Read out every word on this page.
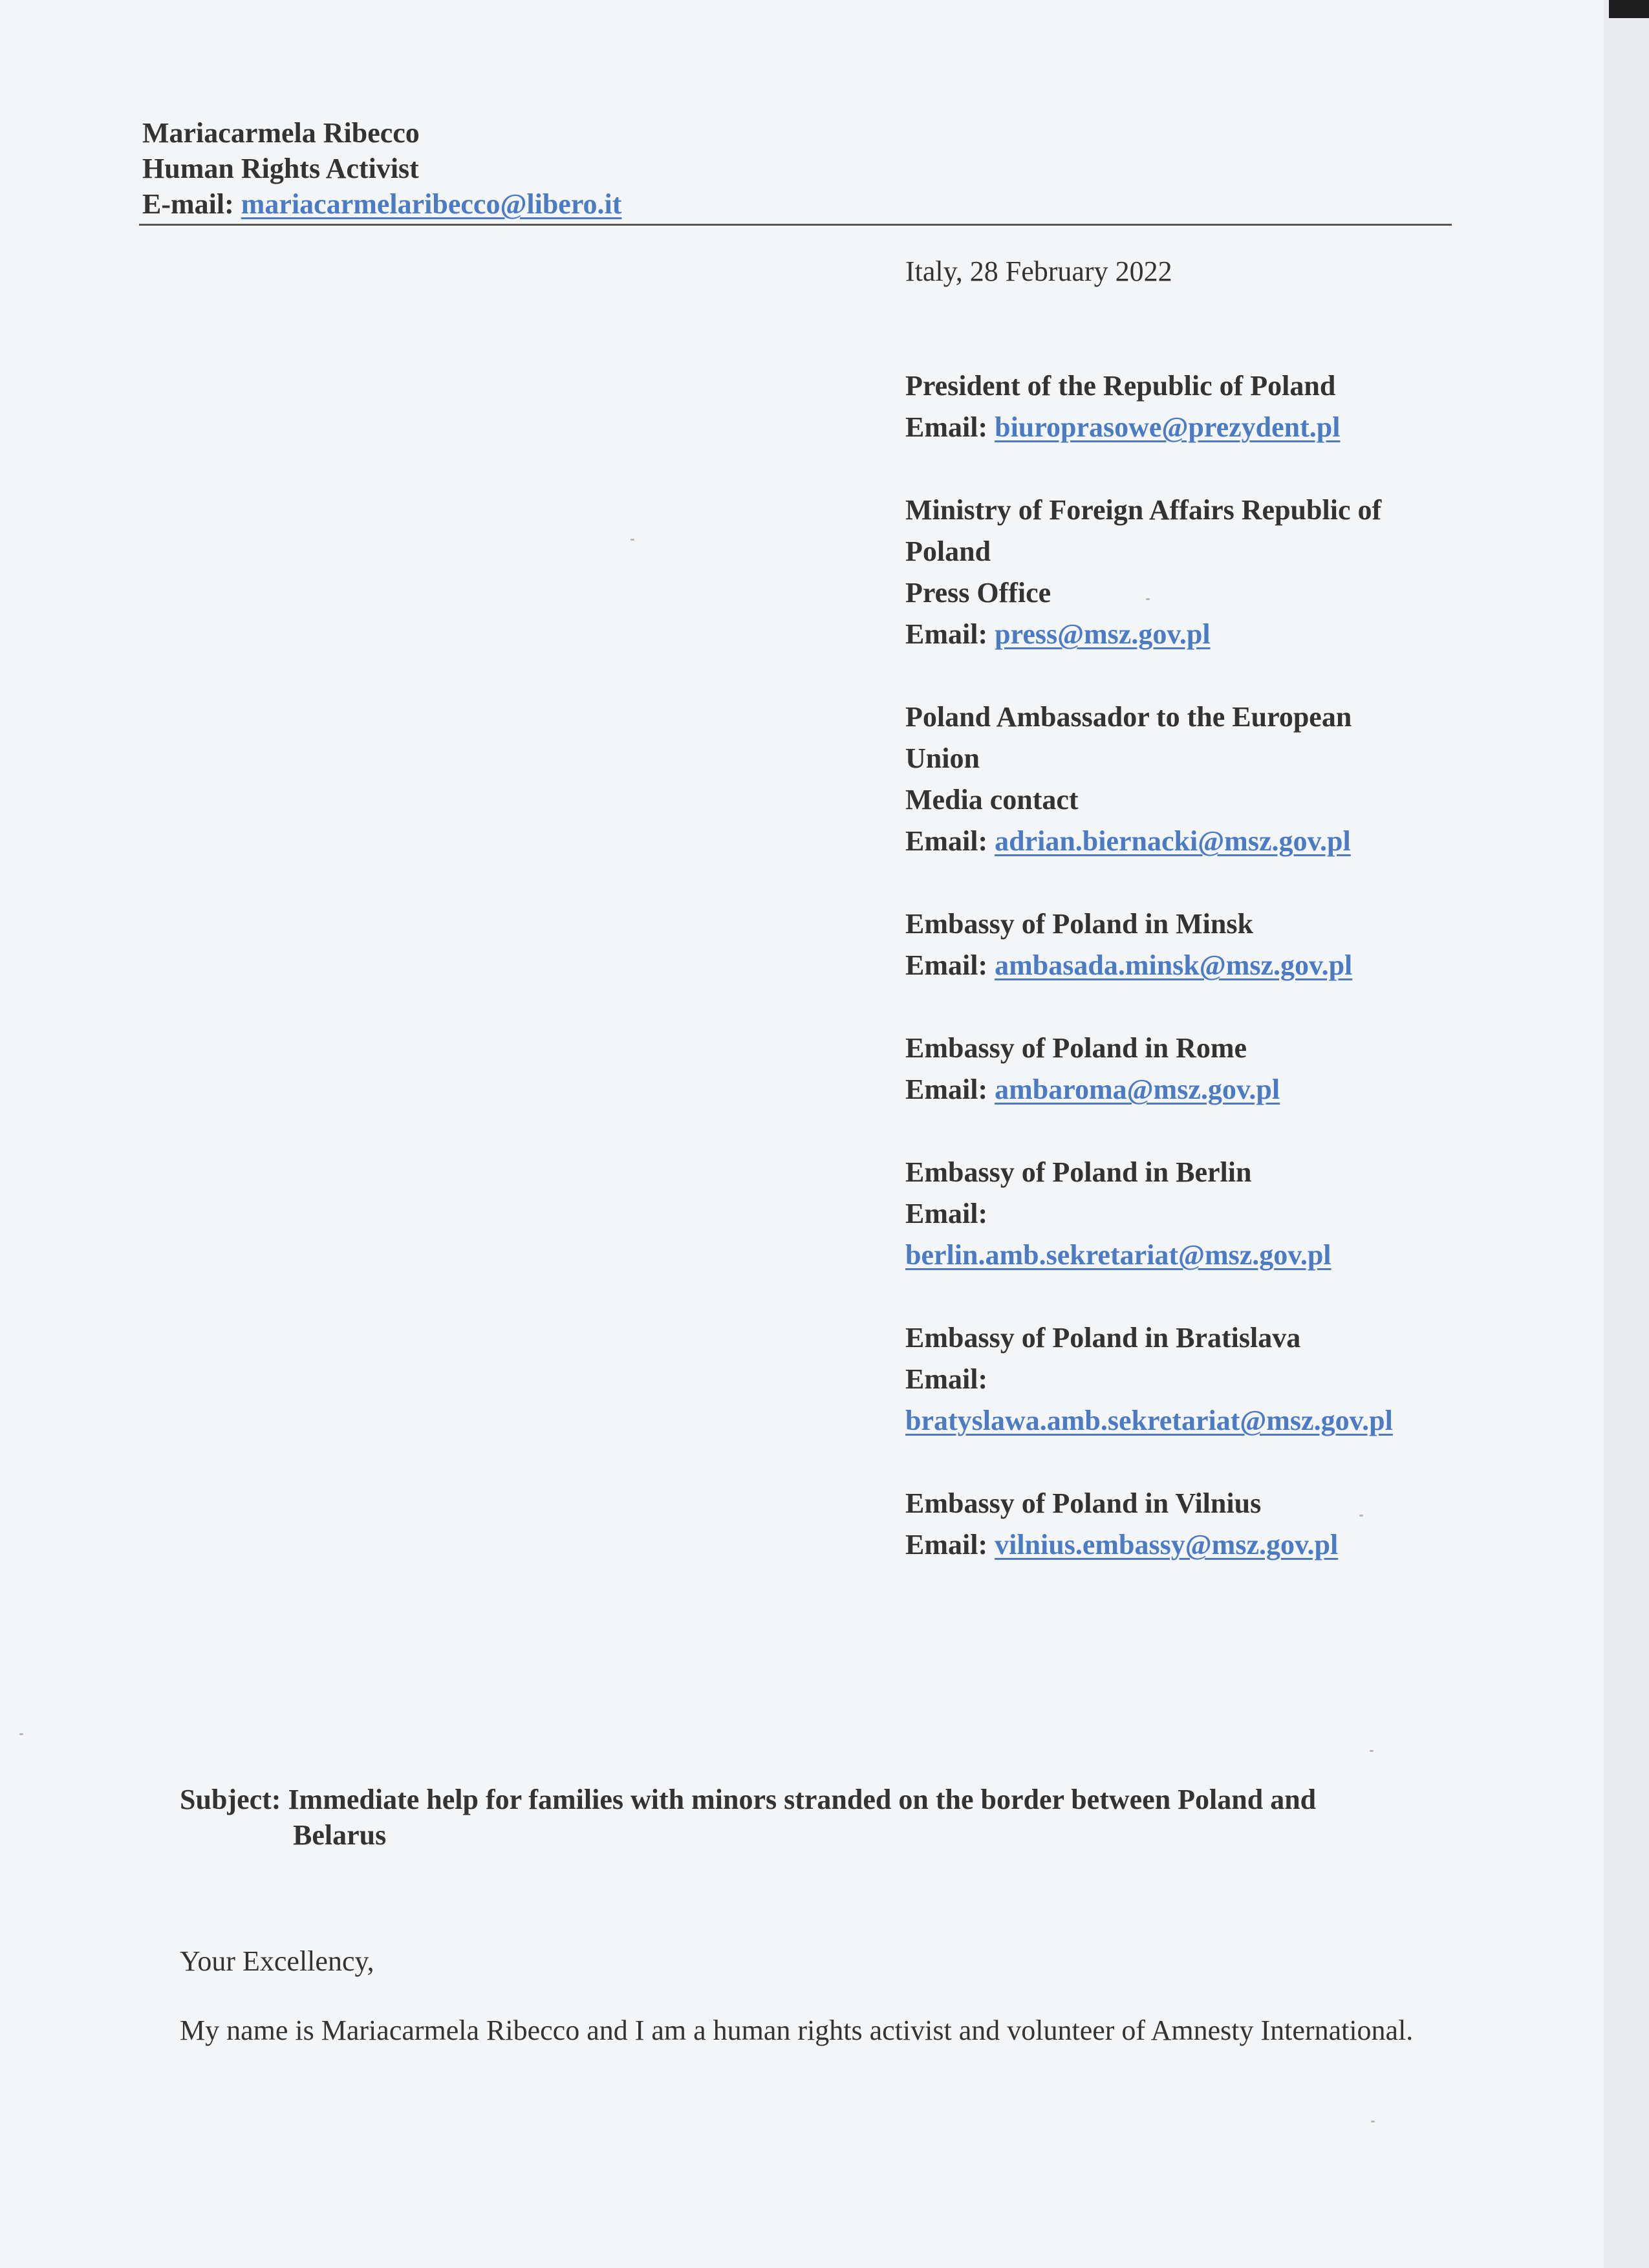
Mariacarmela Ribecco
Human Rights Activist
E-mail: mariacarmelaribecco@libero.it
Italy, 28 February 2022
President of the Republic of Poland
Email: biuroprasowe@prezydent.pl
Ministry of Foreign Affairs Republic of
Poland
Press Office
Email: press@msz.gov.pl
Poland Ambassador to the European
Union
Media contact
Email: adrian.biernacki@msz.gov.pl
Embassy of Poland in Minsk
Email: ambasada.minsk@msz.gov.pl
Embassy of Poland in Rome
Email: ambaroma@msz.gov.pl
Embassy of Poland in Berlin
Email:
berlin.amb.sekretariat@msz.gov.pl
Embassy of Poland in Bratislava
Email:
bratyslawa.amb.sekretariat@msz.gov.pl
Embassy of Poland in Vilnius
Email: vilnius.embassy@msz.gov.pl
Subject: Immediate help for families with minors stranded on the border between Poland and
Belarus
Your Excellency,
My name is Mariacarmela Ribecco and I am a human rights activist and volunteer of Amnesty International.
